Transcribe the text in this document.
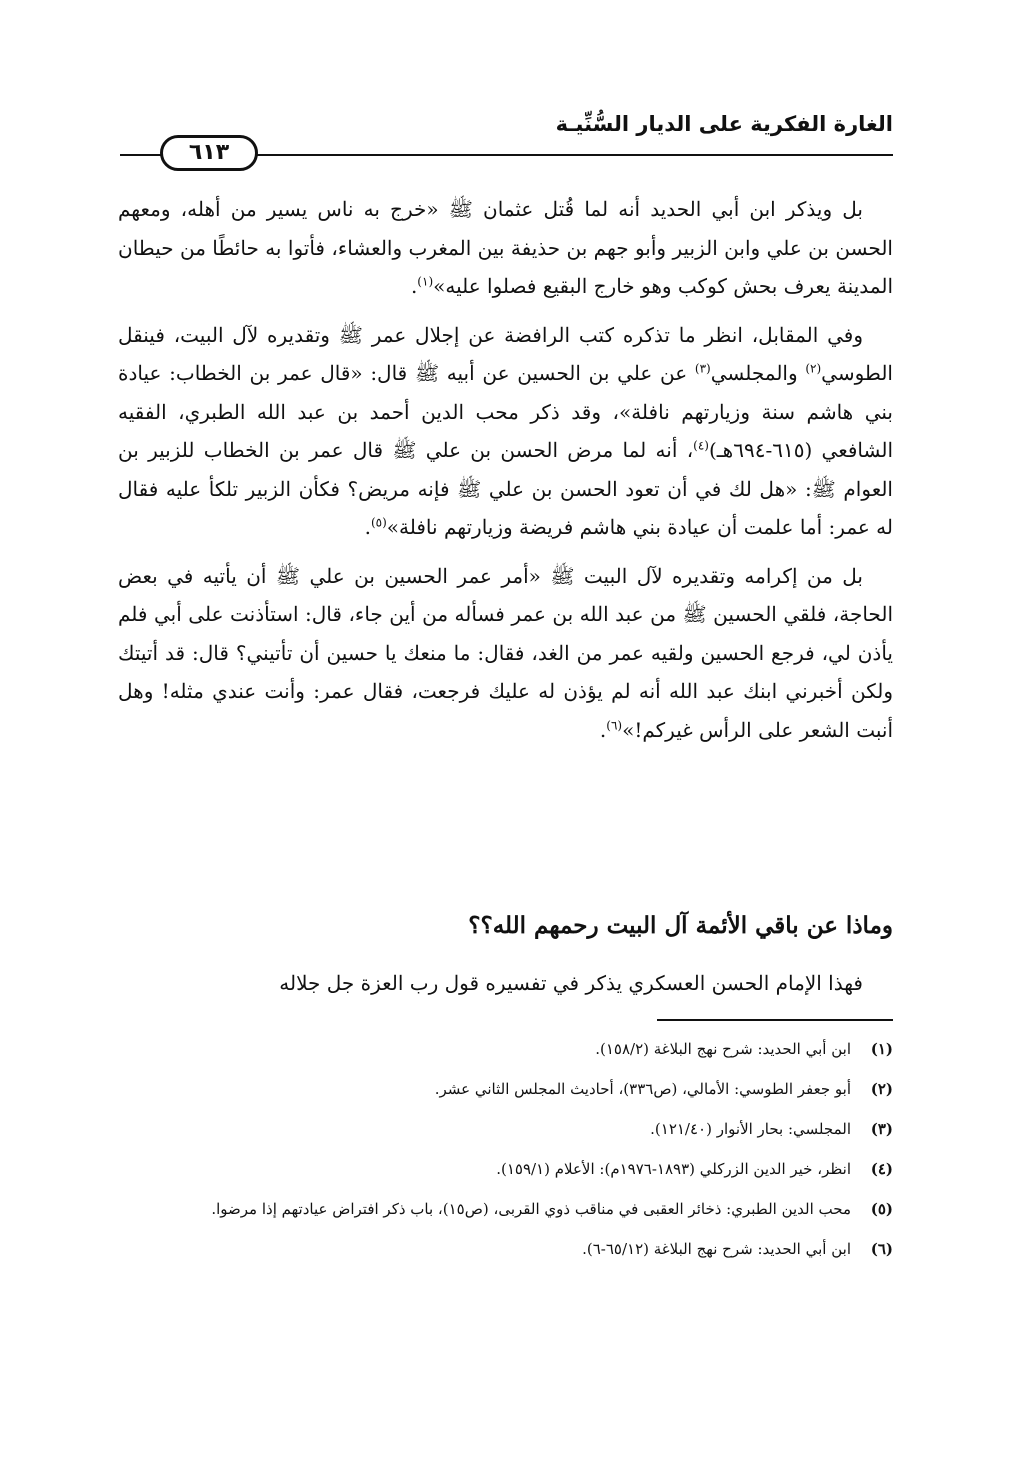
الغارة الفكرية على الديار السُّنِّيـة
٦١٣

بل ويذكر ابن أبي الحديد أنه لما قُتل عثمان ﷺ «خرج به ناس يسير من أهله، ومعهم الحسن بن علي وابن الزبير وأبو جهم بن حذيفة بين المغرب والعشاء، فأتوا به حائطًا من حيطان المدينة يعرف بحش كوكب وهو خارج البقيع فصلوا عليه»$^{(١)}$.

وفي المقابل، انظر ما تذكره كتب الرافضة عن إجلال عمر ﷺ وتقديره لآل البيت، فينقل الطوسي$^{(٢)}$ والمجلسي$^{(٣)}$ عن علي بن الحسين عن أبيه ﷺ قال: «قال عمر بن الخطاب: عيادة بني هاشم سنة وزيارتهم نافلة»، وقد ذكر محب الدين أحمد بن عبد الله الطبري، الفقيه الشافعي (٦١٥-٦٩٤هـ)$^{(٤)}$، أنه لما مرض الحسن بن علي ﷺ قال عمر بن الخطاب للزبير بن العوام ﷺ: «هل لك في أن تعود الحسن بن علي ﷺ فإنه مريض؟ فكأن الزبير تلكأ عليه فقال له عمر: أما علمت أن عيادة بني هاشم فريضة وزيارتهم نافلة»$^{(٥)}$.

بل من إكرامه وتقديره لآل البيت ﷺ «أمر عمر الحسين بن علي ﷺ أن يأتيه في بعض الحاجة، فلقي الحسين ﷺ من عبد الله بن عمر فسأله من أين جاء، قال: استأذنت على أبي فلم يأذن لي، فرجع الحسين ولقيه عمر من الغد، فقال: ما منعك يا حسين أن تأتيني؟ قال: قد أتيتك ولكن أخبرني ابنك عبد الله أنه لم يؤذن له عليك فرجعت، فقال عمر: وأنت عندي مثله! وهل أنبت الشعر على الرأس غيركم!»$^{(٦)}$.

وماذا عن باقي الأئمة آل البيت رحمهم الله؟؟
فهذا الإمام الحسن العسكري يذكر في تفسيره قول رب العزة جل جلاله
(١)
ابن أبي الحديد: شرح نهج البلاغة (١٥٨/٢).
(٢)
أبو جعفر الطوسي: الأمالي، (ص٣٣٦)، أحاديث المجلس الثاني عشر.
(٣)
المجلسي: بحار الأنوار (١٢١/٤٠).
(٤)
انظر، خير الدين الزركلي (١٨٩٣-١٩٧٦م): الأعلام (١٥٩/١).
(٥)
محب الدين الطبري: ذخائر العقبى في مناقب ذوي القربى، (ص١٥)، باب ذكر افتراض عيادتهم إذا مرضوا.
(٦)
ابن أبي الحديد: شرح نهج البلاغة (٦٥/١٢-٦).
